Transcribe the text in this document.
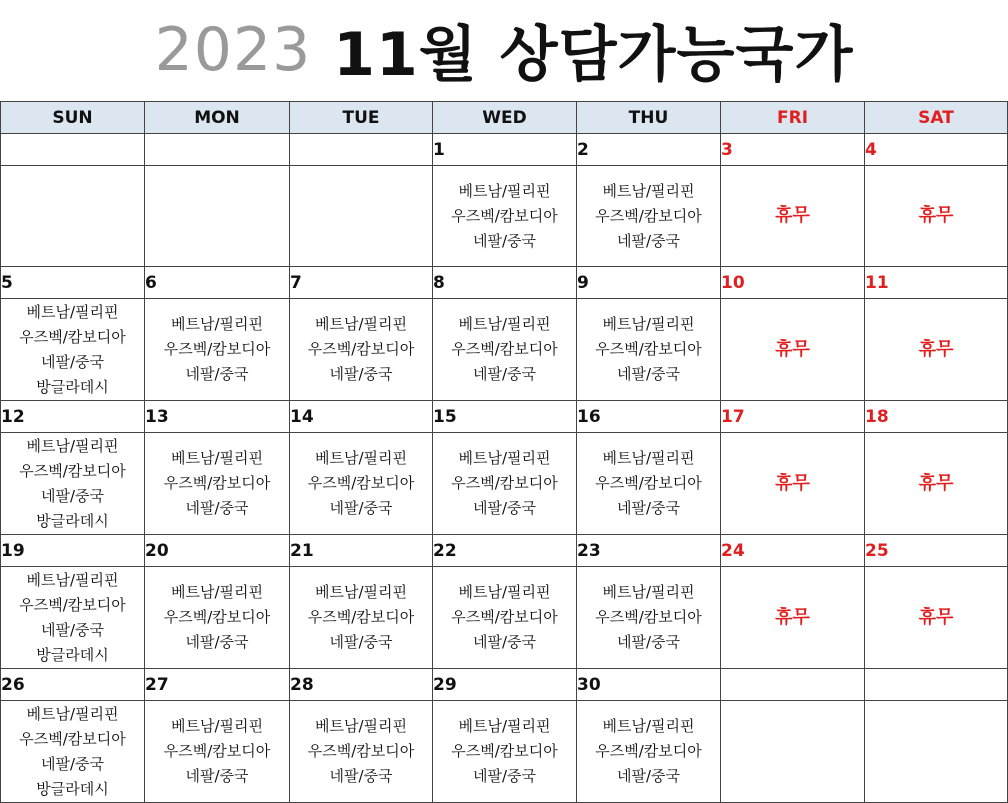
2023 11월 상담가능국가
SUN	MON	TUE	WED	THU	FRI	SAT
			1	2	3	4

			베트남/필리핀
우즈벡/캄보디아
네팔/중국	베트남/필리핀
우즈벡/캄보디아
네팔/중국	휴무	휴무
5	6	7	8	9	10	11

베트남/필리핀
우즈벡/캄보디아
네팔/중국
방글라데시	베트남/필리핀
우즈벡/캄보디아
네팔/중국	베트남/필리핀
우즈벡/캄보디아
네팔/중국	베트남/필리핀
우즈벡/캄보디아
네팔/중국	베트남/필리핀
우즈벡/캄보디아
네팔/중국	휴무	휴무
12	13	14	15	16	17	18

베트남/필리핀
우즈벡/캄보디아
네팔/중국
방글라데시	베트남/필리핀
우즈벡/캄보디아
네팔/중국	베트남/필리핀
우즈벡/캄보디아
네팔/중국	베트남/필리핀
우즈벡/캄보디아
네팔/중국	베트남/필리핀
우즈벡/캄보디아
네팔/중국	휴무	휴무
19	20	21	22	23	24	25

베트남/필리핀
우즈벡/캄보디아
네팔/중국
방글라데시	베트남/필리핀
우즈벡/캄보디아
네팔/중국	베트남/필리핀
우즈벡/캄보디아
네팔/중국	베트남/필리핀
우즈벡/캄보디아
네팔/중국	베트남/필리핀
우즈벡/캄보디아
네팔/중국	휴무	휴무
26	27	28	29	30		

베트남/필리핀
우즈벡/캄보디아
네팔/중국
방글라데시	베트남/필리핀
우즈벡/캄보디아
네팔/중국	베트남/필리핀
우즈벡/캄보디아
네팔/중국	베트남/필리핀
우즈벡/캄보디아
네팔/중국	베트남/필리핀
우즈벡/캄보디아
네팔/중국		
